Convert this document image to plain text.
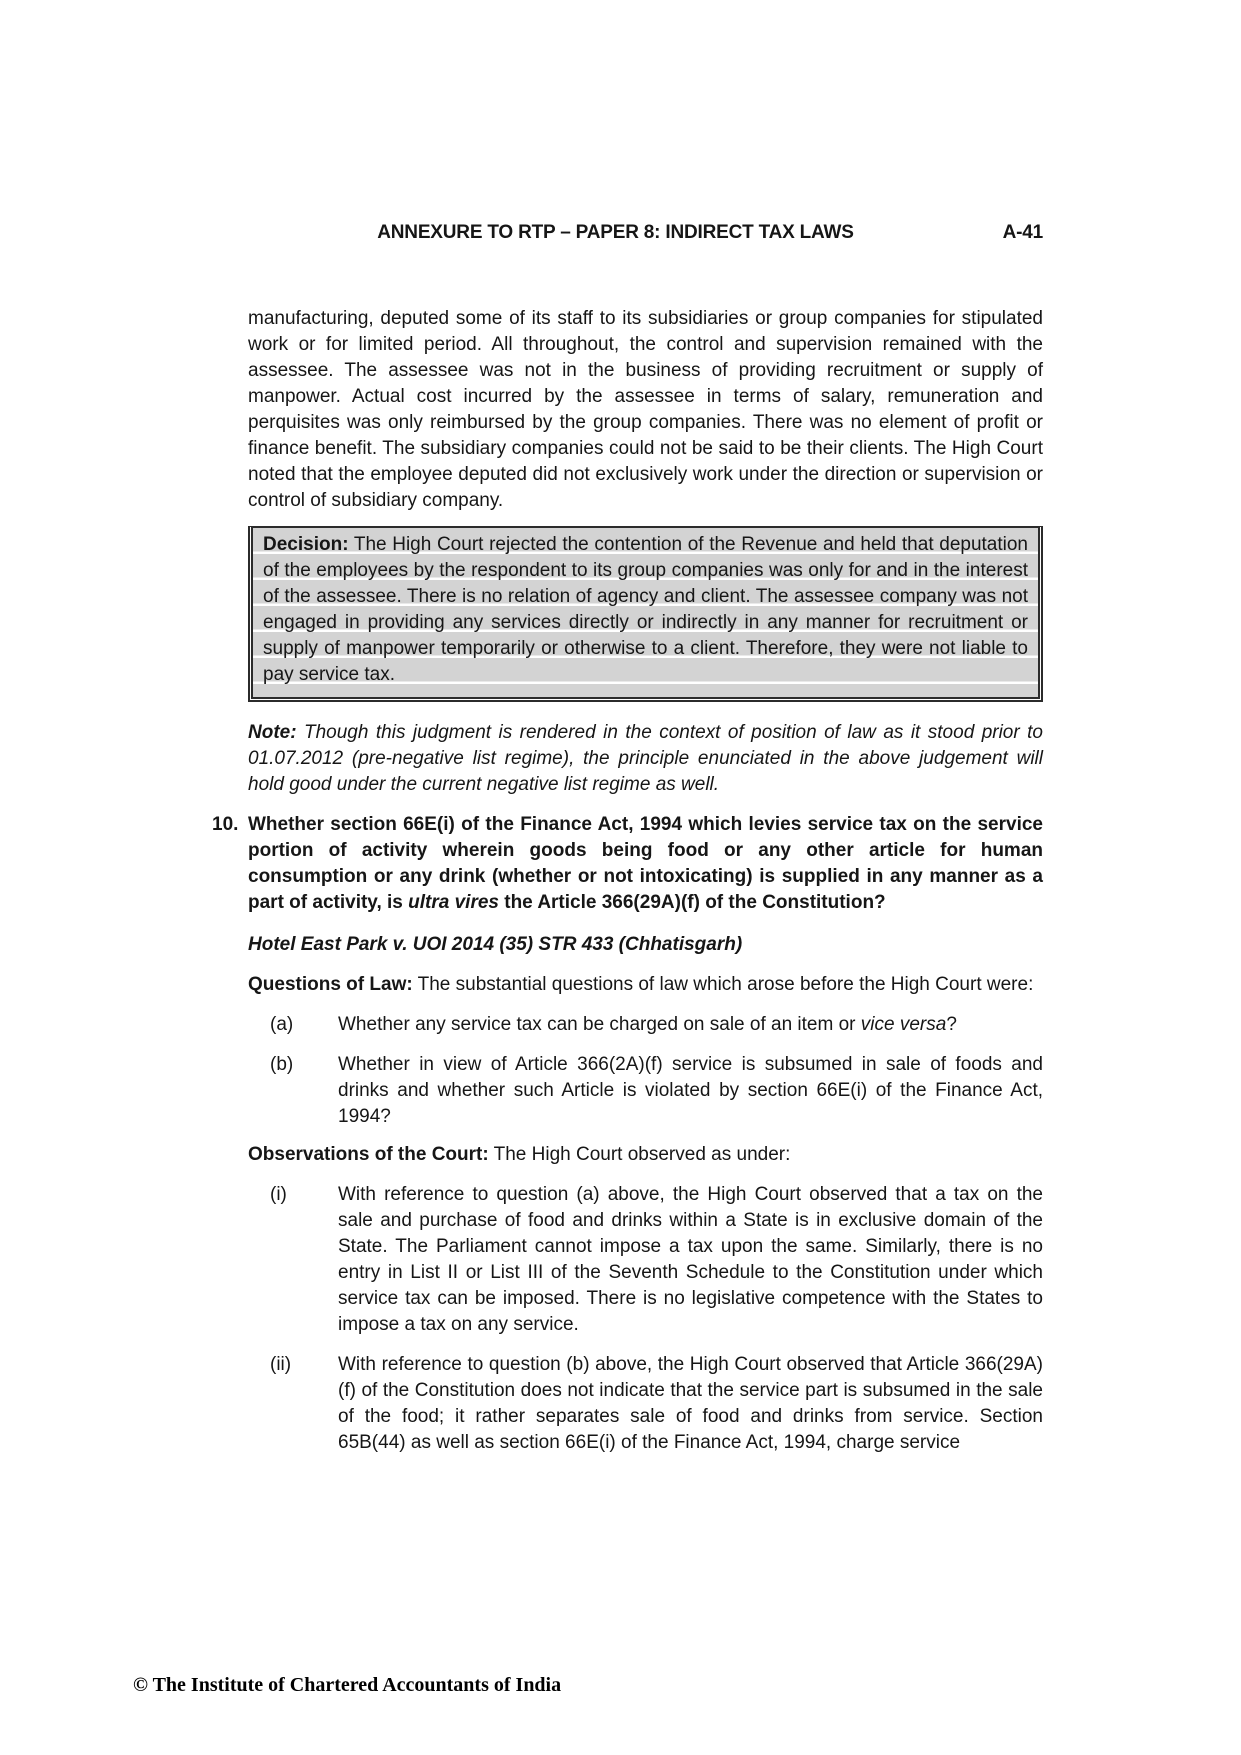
ANNEXURE TO RTP – PAPER 8: INDIRECT TAX LAWS	A-41

manufacturing, deputed some of its staff to its subsidiaries or group companies for stipulated work or for limited period. All throughout, the control and supervision remained with the assessee. The assessee was not in the business of providing recruitment or supply of manpower. Actual cost incurred by the assessee in terms of salary, remuneration and perquisites was only reimbursed by the group companies. There was no element of profit or finance benefit. The subsidiary companies could not be said to be their clients. The High Court noted that the employee deputed did not exclusively work under the direction or supervision or control of subsidiary company.

Decision: The High Court rejected the contention of the Revenue and held that deputation of the employees by the respondent to its group companies was only for and in the interest of the assessee. There is no relation of agency and client. The assessee company was not engaged in providing any services directly or indirectly in any manner for recruitment or supply of manpower temporarily or otherwise to a client. Therefore, they were not liable to pay service tax.

Note: Though this judgment is rendered in the context of position of law as it stood prior to 01.07.2012 (pre-negative list regime), the principle enunciated in the above judgement will hold good under the current negative list regime as well.

10. Whether section 66E(i) of the Finance Act, 1994 which levies service tax on the service portion of activity wherein goods being food or any other article for human consumption or any drink (whether or not intoxicating) is supplied in any manner as a part of activity, is ultra vires the Article 366(29A)(f) of the Constitution?

Hotel East Park v. UOI 2014 (35) STR 433 (Chhatisgarh)

Questions of Law: The substantial questions of law which arose before the High Court were:

(a)	Whether any service tax can be charged on sale of an item or vice versa?
(b)	Whether in view of Article 366(2A)(f) service is subsumed in sale of foods and drinks and whether such Article is violated by section 66E(i) of the Finance Act, 1994?

Observations of the Court: The High Court observed as under:

(i)	With reference to question (a) above, the High Court observed that a tax on the sale and purchase of food and drinks within a State is in exclusive domain of the State. The Parliament cannot impose a tax upon the same. Similarly, there is no entry in List II or List III of the Seventh Schedule to the Constitution under which service tax can be imposed. There is no legislative competence with the States to impose a tax on any service.
(ii)	With reference to question (b) above, the High Court observed that Article 366(29A)(f) of the Constitution does not indicate that the service part is subsumed in the sale of the food; it rather separates sale of food and drinks from service. Section 65B(44) as well as section 66E(i) of the Finance Act, 1994, charge service
© The Institute of Chartered Accountants of India
